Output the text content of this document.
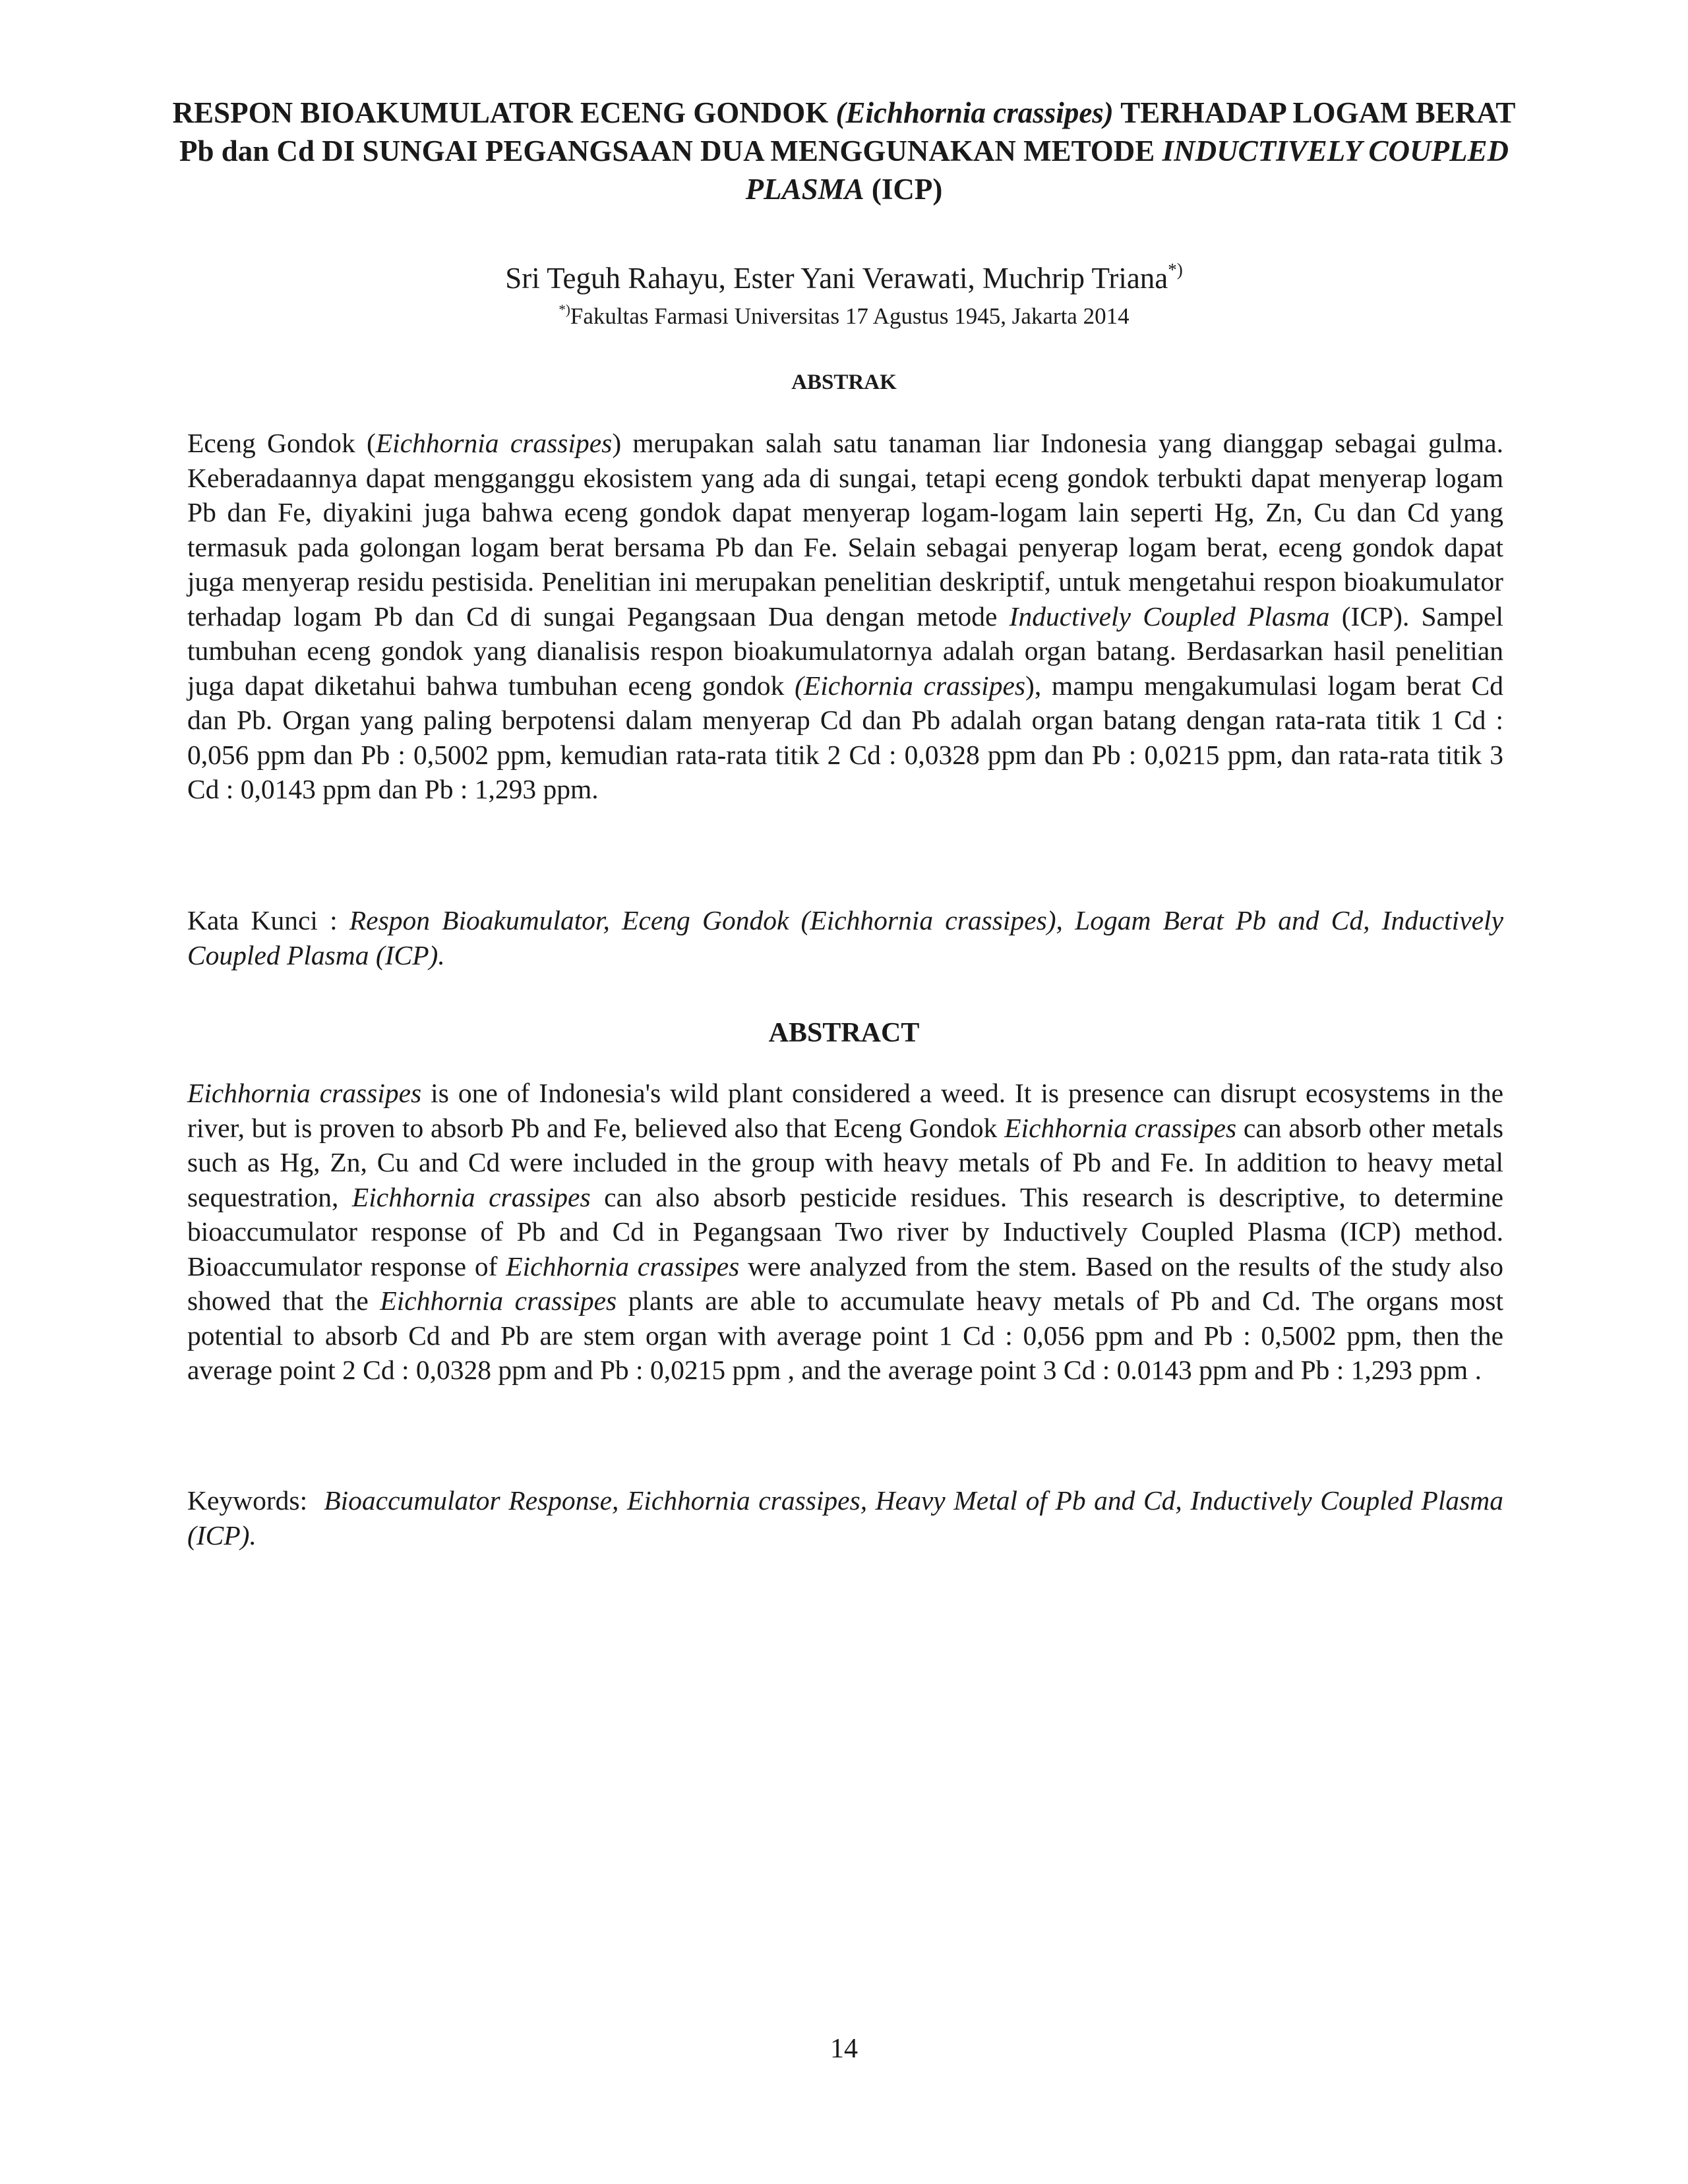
RESPON BIOAKUMULATOR ECENG GONDOK (Eichhornia crassipes) TERHADAP LOGAM BERAT Pb dan Cd DI SUNGAI PEGANGSAAN DUA MENGGUNAKAN METODE INDUCTIVELY COUPLED PLASMA (ICP)

Sri Teguh Rahayu, Ester Yani Verawati, Muchrip Triana*)

*)Fakultas Farmasi Universitas 17 Agustus 1945, Jakarta 2014

ABSTRAK

Eceng Gondok (Eichhornia crassipes) merupakan salah satu tanaman liar Indonesia yang dianggap sebagai gulma. Keberadaannya dapat mengganggu ekosistem yang ada di sungai, tetapi eceng gondok terbukti dapat menyerap logam Pb dan Fe, diyakini juga bahwa eceng gondok dapat menyerap logam-logam lain seperti Hg, Zn, Cu dan Cd yang termasuk pada golongan logam berat bersama Pb dan Fe. Selain sebagai penyerap logam berat, eceng gondok dapat juga menyerap residu pestisida. Penelitian ini merupakan penelitian deskriptif, untuk mengetahui respon bioakumulator terhadap logam Pb dan Cd di sungai Pegangsaan Dua dengan metode Inductively Coupled Plasma (ICP). Sampel tumbuhan eceng gondok yang dianalisis respon bioakumulatornya adalah organ batang. Berdasarkan hasil penelitian juga dapat diketahui bahwa tumbuhan eceng gondok (Eichornia crassipes), mampu mengakumulasi logam berat Cd dan Pb. Organ yang paling berpotensi dalam menyerap Cd dan Pb adalah organ batang dengan rata-rata titik 1 Cd : 0,056 ppm dan Pb : 0,5002 ppm, kemudian rata-rata titik 2 Cd : 0,0328 ppm dan Pb : 0,0215 ppm, dan rata-rata titik 3 Cd : 0,0143 ppm dan Pb : 1,293 ppm.

Kata Kunci : Respon Bioakumulator, Eceng Gondok (Eichhornia crassipes), Logam Berat Pb and Cd, Inductively Coupled Plasma (ICP).

ABSTRACT

Eichhornia crassipes is one of Indonesia's wild plant considered a weed. It is presence can disrupt ecosystems in the river, but is proven to absorb Pb and Fe, believed also that Eceng Gondok Eichhornia crassipes can absorb other metals such as Hg, Zn, Cu and Cd were included in the group with heavy metals of Pb and Fe. In addition to heavy metal sequestration, Eichhornia crassipes can also absorb pesticide residues. This research is descriptive, to determine bioaccumulator response of Pb and Cd in Pegangsaan Two river by Inductively Coupled Plasma (ICP) method. Bioaccumulator response of Eichhornia crassipes were analyzed from the stem. Based on the results of the study also showed that the Eichhornia crassipes plants are able to accumulate heavy metals of Pb and Cd. The organs most potential to absorb Cd and Pb are stem organ with average point 1 Cd : 0,056 ppm and Pb : 0,5002 ppm, then the average point 2 Cd : 0,0328 ppm and Pb : 0,0215 ppm , and the average point 3 Cd : 0.0143 ppm and Pb : 1,293 ppm .

Keywords:  Bioaccumulator Response, Eichhornia crassipes, Heavy Metal of Pb and Cd, Inductively Coupled Plasma (ICP).

14
